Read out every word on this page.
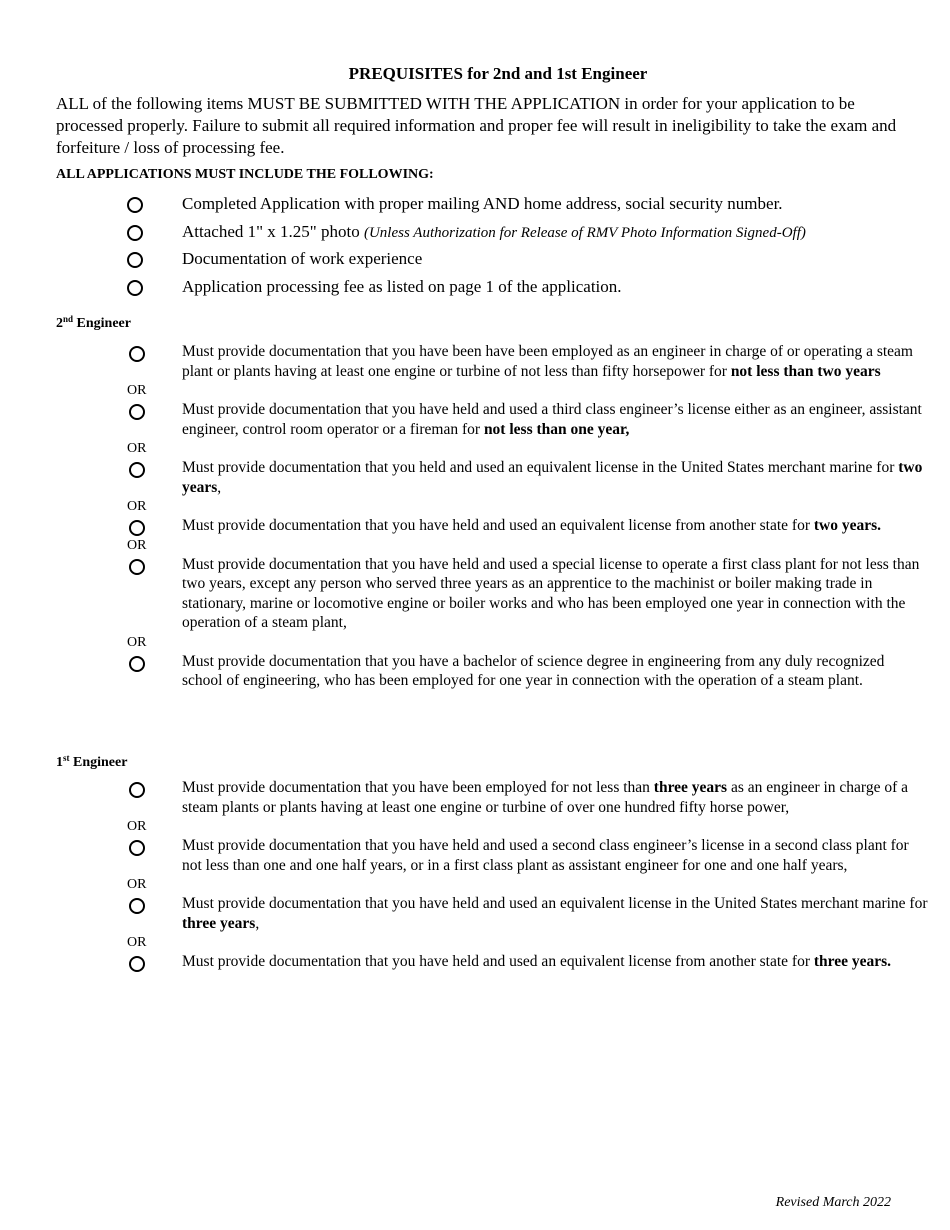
PREQUISITES for 2nd and 1st Engineer
ALL of the following items MUST BE SUBMITTED WITH THE APPLICATION in order for your application to be processed properly. Failure to submit all required information and proper fee will result in ineligibility to take the exam and forfeiture / loss of processing fee.
ALL APPLICATIONS MUST INCLUDE THE FOLLOWING:
Completed Application with proper mailing AND home address, social security number.
Attached 1" x 1.25" photo (Unless Authorization for Release of RMV Photo Information Signed-Off)
Documentation of work experience
Application processing fee as listed on page 1 of the application.
2nd Engineer
Must provide documentation that you have been have been employed as an engineer in charge of or operating a steam plant or plants having at least one engine or turbine of not less than fifty horsepower for not less than two years
OR
Must provide documentation that you have held and used a third class engineer’s license either as an engineer, assistant engineer, control room operator or a fireman for not less than one year,
OR
Must provide documentation that you held and used an equivalent license in the United States merchant marine for two years,
OR
Must provide documentation that you have held and used an equivalent license from another state for two years.
OR
Must provide documentation that you have held and used a special license to operate a first class plant for not less than two years, except any person who served three years as an apprentice to the machinist or boiler making trade in stationary, marine or locomotive engine or boiler works and who has been employed one year in connection with the operation of a steam plant,
OR
Must provide documentation that you have a bachelor of science degree in engineering from any duly recognized school of engineering, who has been employed for one year in connection with the operation of a steam plant.
1st Engineer
Must provide documentation that you have been employed for not less than three years as an engineer in charge of a steam plants or plants having at least one engine or turbine of over one hundred fifty horse power,
OR
Must provide documentation that you have held and used a second class engineer’s license in a second class plant for not less than one and one half years, or in a first class plant as assistant engineer for one and one half years,
OR
Must provide documentation that you have held and used an equivalent license in the United States merchant marine for three years,
OR
Must provide documentation that you have held and used an equivalent license from another state for three years.
Revised March 2022
